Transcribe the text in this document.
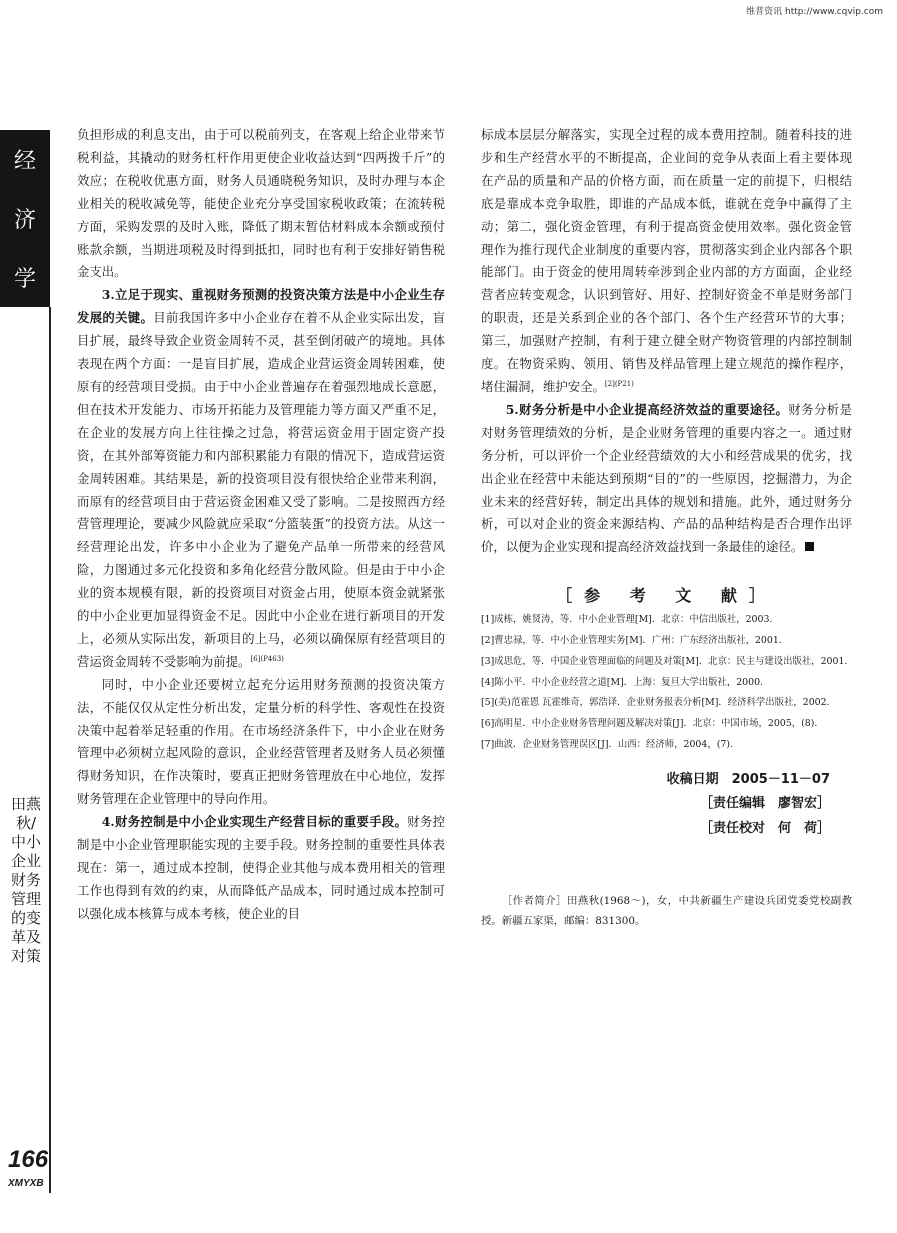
维普资讯 http://www.cqvip.com
经
济
学
田燕秋/中小企业财务管理的变革及对策
166
XMYXB

负担形成的利息支出，由于可以税前列支，在客观上给企业带来节税利益，其撬动的财务杠杆作用更使企业收益达到“四两拨千斤”的效应；在税收优惠方面，财务人员通晓税务知识，及时办理与本企业相关的税收减免等，能使企业充分享受国家税收政策；在流转税方面，采购发票的及时入账，降低了期末暂估材料成本余额或预付账款余额，当期进项税及时得到抵扣，同时也有利于安排好销售税金支出。

3.立足于现实、重视财务预测的投资决策方法是中小企业生存发展的关键。目前我国许多中小企业存在着不从企业实际出发，盲目扩展，最终导致企业资金周转不灵，甚至倒闭破产的境地。具体表现在两个方面：一是盲目扩展，造成企业营运资金周转困难，使原有的经营项目受损。由于中小企业普遍存在着强烈地成长意愿，但在技术开发能力、市场开拓能力及管理能力等方面又严重不足，在企业的发展方向上往往操之过急，将营运资金用于固定资产投资，在其外部筹资能力和内部积累能力有限的情况下，造成营运资金周转困难。其结果是，新的投资项目没有很快给企业带来利润，而原有的经营项目由于营运资金困难又受了影响。二是按照西方经营管理理论，要减少风险就应采取“分篮装蛋”的投资方法。从这一经营理论出发，许多中小企业为了避免产品单一所带来的经营风险，力图通过多元化投资和多角化经营分散风险。但是由于中小企业的资本规模有限，新的投资项目对资金占用，使原本资金就紧张的中小企业更加显得资金不足。因此中小企业在进行新项目的开发上，必须从实际出发，新项目的上马，必须以确保原有经营项目的营运资金周转不受影响为前提。$^{[6](P463)}$

同时，中小企业还要树立起充分运用财务预测的投资决策方法，不能仅仅从定性分析出发，定量分析的科学性、客观性在投资决策中起着举足轻重的作用。在市场经济条件下，中小企业在财务管理中必须树立起风险的意识，企业经营管理者及财务人员必须懂得财务知识，在作决策时，要真正把财务管理放在中心地位，发挥财务管理在企业管理中的导向作用。

4.财务控制是中小企业实现生产经营目标的重要手段。财务控制是中小企业管理职能实现的主要手段。财务控制的重要性具体表现在：第一，通过成本控制，使得企业其他与成本费用相关的管理工作也得到有效的约束，从而降低产品成本，同时通过成本控制可以强化成本核算与成本考核，使企业的目

标成本层层分解落实，实现全过程的成本费用控制。随着科技的进步和生产经营水平的不断提高，企业间的竞争从表面上看主要体现在产品的质量和产品的价格方面，而在质量一定的前提下，归根结底是靠成本竞争取胜，即谁的产品成本低，谁就在竞争中赢得了主动；第二，强化资金管理，有利于提高资金使用效率。强化资金管理作为推行现代企业制度的重要内容，贯彻落实到企业内部各个职能部门。由于资金的使用周转牵涉到企业内部的方方面面，企业经营者应转变观念，认识到管好、用好、控制好资金不单是财务部门的职责，还是关系到企业的各个部门、各个生产经营环节的大事；第三，加强财产控制，有利于建立健全财产物资管理的内部控制制度。在物资采购、领用、销售及样品管理上建立规范的操作程序，堵住漏洞，维护安全。$^{[2](P21)}$

5.财务分析是中小企业提高经济效益的重要途径。财务分析是对财务管理绩效的分析，是企业财务管理的重要内容之一。通过财务分析，可以评价一个企业经营绩效的大小和经营成果的优劣，找出企业在经营中未能达到预期“目的”的一些原因，挖掘潜力，为企业未来的经营好转，制定出具体的规划和措施。此外，通过财务分析，可以对企业的资金来源结构、产品的品种结构是否合理作出评价，以便为企业实现和提高经济效益找到一条最佳的途径。

［参 考 文 献］
[1]成栋，姚贤涛，等．中小企业管理[M]．北京：中信出版社，2003.
[2]曹忠禄，等．中小企业管理实务[M]．广州：广东经济出版社，2001.
[3]成思危，等．中国企业管理面临的问题及对策[M]．北京：民主与建设出版社，2001.
[4]陈小平．中小企业经营之道[M]．上海：复旦大学出版社，2000.
[5](美)范霍恩 瓦霍维奇，郭浩译．企业财务报表分析[M]．经济科学出版社，2002.
[6]高明星．中小企业财务管理问题及解决对策[J]．北京：中国市场，2005，(8).
[7]曲波．企业财务管理误区[J]．山西：经济师，2004，(7).
收稿日期　2005－11－07
［责任编辑　廖智宏］
［责任校对　何　荷］

［作者简介］田燕秋(1968～)，女，中共新疆生产建设兵团党委党校副教授。新疆五家渠，邮编：831300。
